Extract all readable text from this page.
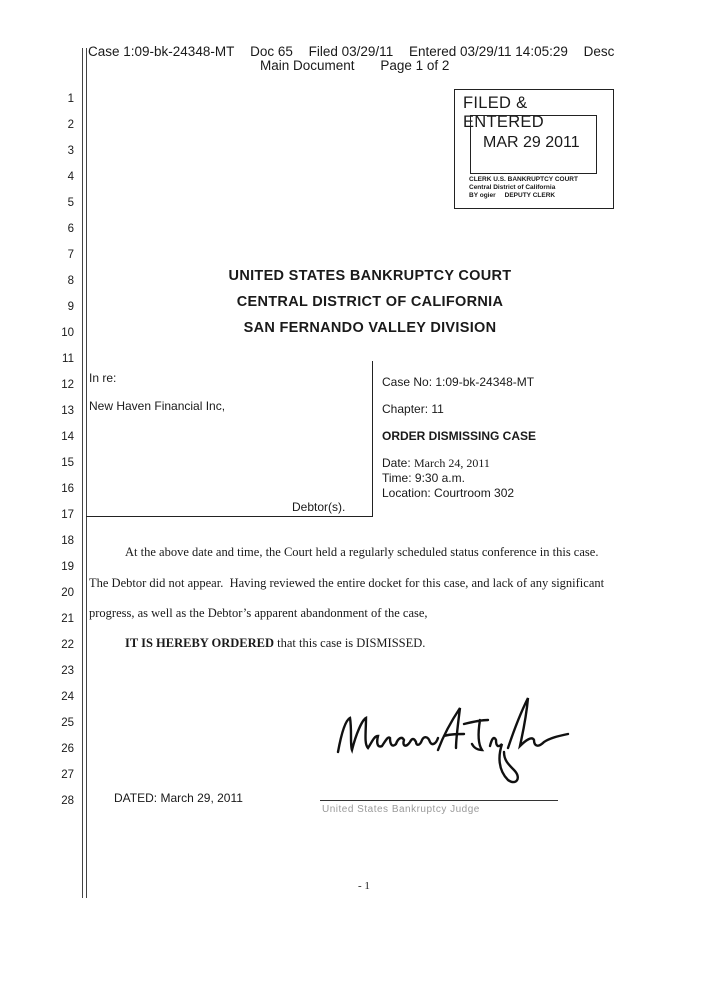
Case 1:09-bk-24348-MT Doc 65 Filed 03/29/11 Entered 03/29/11 14:05:29 Desc
Main Document Page 1 of 2
1
2
3
4
5
6
7
8
9
10
11
12
13
14
15
16
17
18
19
20
21
22
23
24
25
26
27
28
FILED & ENTERED
MAR 29 2011
CLERK U.S. BANKRUPTCY COURT
Central District of California
BY ogier     DEPUTY CLERK
UNITED STATES BANKRUPTCY COURT
CENTRAL DISTRICT OF CALIFORNIA
SAN FERNANDO VALLEY DIVISION
In re:
New Haven Financial Inc,
Debtor(s).
Case No: 1:09-bk-24348-MT
Chapter: 11
ORDER DISMISSING CASE
Date: March 24, 2011
Time: 9:30 a.m.
Location: Courtroom 302
At the above date and time, the Court held a regularly scheduled status conference in this case.
The Debtor did not appear.  Having reviewed the entire docket for this case, and lack of any significant
progress, as well as the Debtor’s apparent abandonment of the case,
IT IS HEREBY ORDERED that this case is DISMISSED.
United States Bankruptcy Judge
DATED: March 29, 2011
- 1
